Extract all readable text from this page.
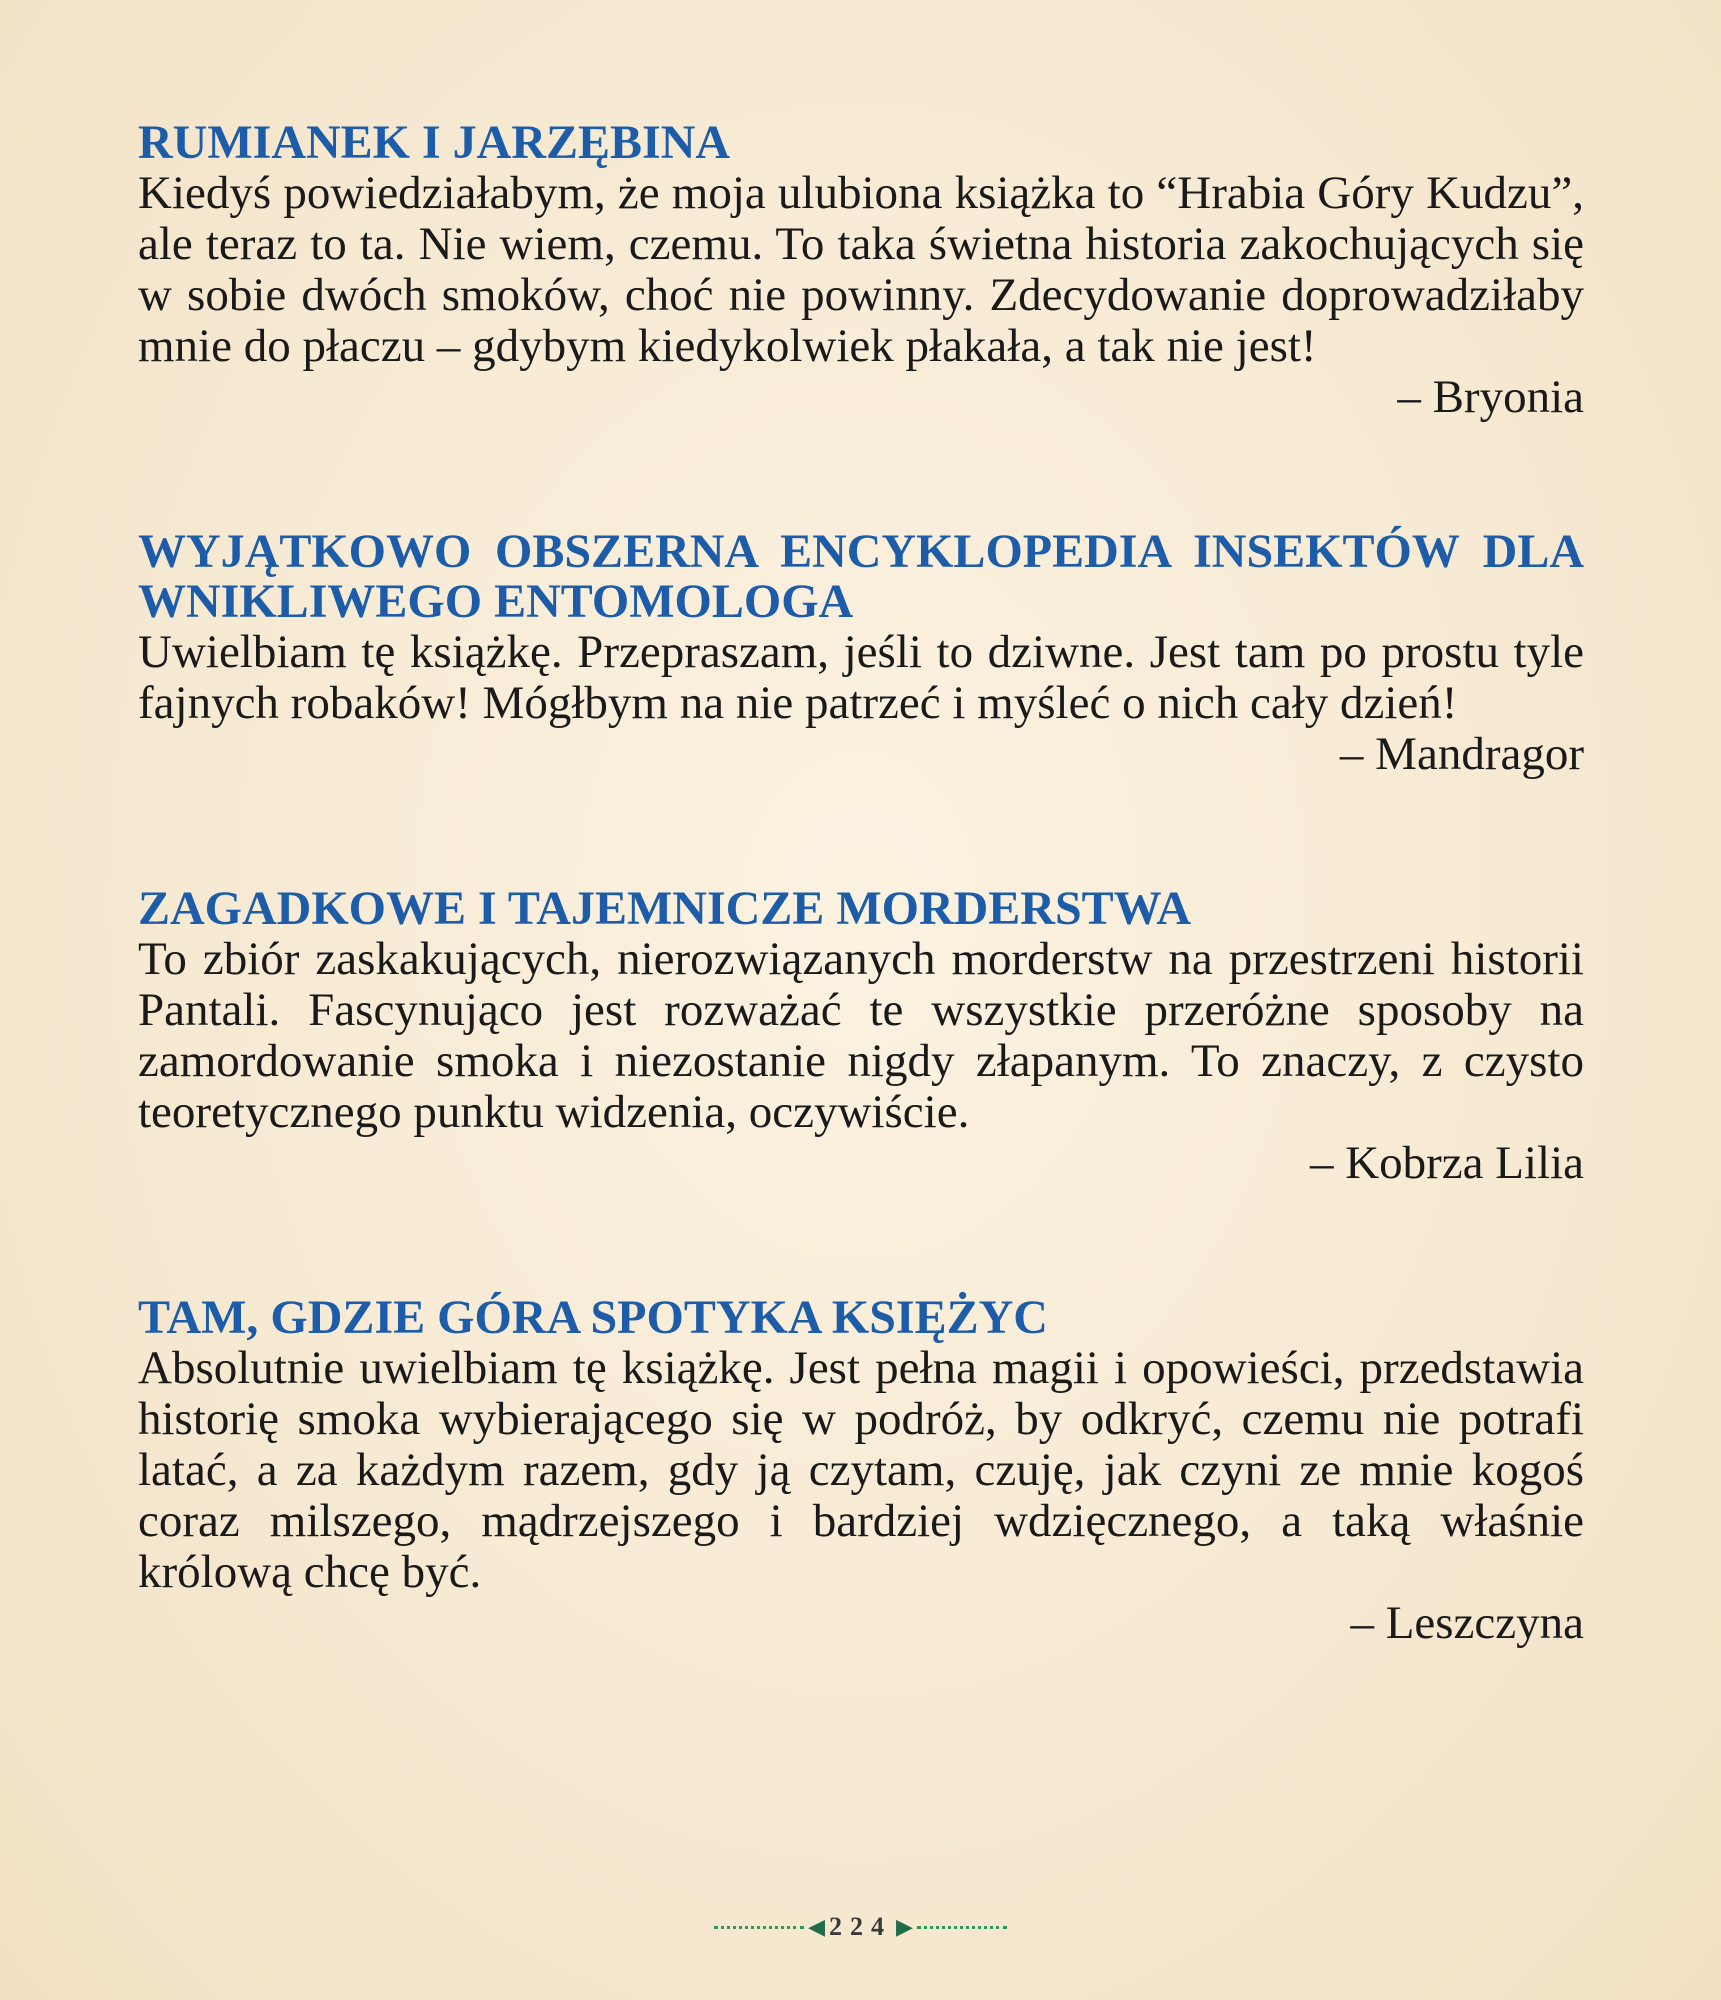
RUMIANEK I JARZĘBINA

Kiedyś powiedziałabym, że moja ulubiona książka to “Hrabia Góry Kudzu”, ale teraz to ta. Nie wiem, czemu. To taka świetna historia zakochujących się w sobie dwóch smoków, choć nie powinny. Zdecydowanie doprowadziłaby mnie do płaczu – gdybym kiedykolwiek płakała, a tak nie jest!

– Bryonia

WYJĄTKOWO OBSZERNA ENCYKLOPEDIA INSEKTÓW DLA WNIKLIWEGO ENTOMOLOGA

Uwielbiam tę książkę. Przepraszam, jeśli to dziwne. Jest tam po prostu tyle fajnych robaków! Mógłbym na nie patrzeć i myśleć o nich cały dzień!

– Mandragor

ZAGADKOWE I TAJEMNICZE MORDERSTWA

To zbiór zaskakujących, nierozwiązanych morderstw na przestrzeni historii Pantali. Fascynująco jest rozważać te wszystkie przeróżne sposoby na zamordowanie smoka i niezostanie nigdy złapanym. To znaczy, z czysto teoretycznego punktu widzenia, oczywiście.

– Kobrza Lilia

TAM, GDZIE GÓRA SPOTYKA KSIĘŻYC

Absolutnie uwielbiam tę książkę. Jest pełna magii i opowieści, przedstawia historię smoka wybierającego się w podróż, by odkryć, czemu nie potrafi latać, a za każdym razem, gdy ją czytam, czuję, jak czyni ze mnie kogoś coraz milszego, mądrzejszego i bardziej wdzięcznego, a taką właśnie królową chcę być.

– Leszczyna

◀ 224 ▶
